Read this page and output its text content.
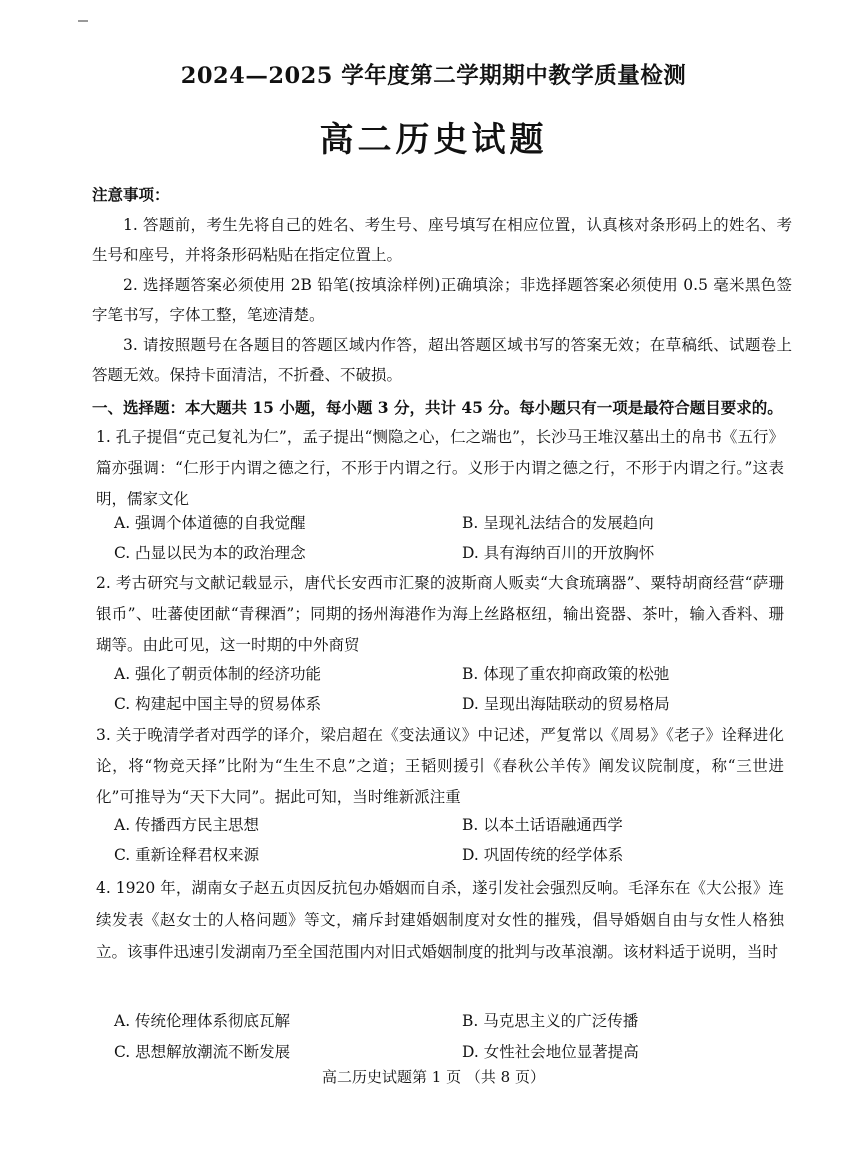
2024—2025 学年度第二学期期中教学质量检测
高二历史试题
注意事项：

1. 答题前，考生先将自己的姓名、考生号、座号填写在相应位置，认真核对条形码上的姓名、考生号和座号，并将条形码粘贴在指定位置上。

2. 选择题答案必须使用 2B 铅笔(按填涂样例)正确填涂；非选择题答案必须使用 0.5 毫米黑色签字笔书写，字体工整，笔迹清楚。

3. 请按照题号在各题目的答题区域内作答，超出答题区域书写的答案无效；在草稿纸、试题卷上答题无效。保持卡面清洁，不折叠、不破损。

一、选择题：本大题共 15 小题，每小题 3 分，共计 45 分。每小题只有一项是最符合题目要求的。

1. 孔子提倡“克己复礼为仁”，孟子提出“恻隐之心，仁之端也”，长沙马王堆汉墓出土的帛书《五行》篇亦强调：“仁形于内谓之德之行，不形于内谓之行。义形于内谓之德之行，不形于内谓之行。”这表明，儒家文化

A. 强调个体道德的自我觉醒	B. 呈现礼法结合的发展趋向
C. 凸显以民为本的政治理念	D. 具有海纳百川的开放胸怀

2. 考古研究与文献记载显示，唐代长安西市汇聚的波斯商人贩卖“大食琉璃器”、粟特胡商经营“萨珊银币”、吐蕃使团献“青稞酒”；同期的扬州海港作为海上丝路枢纽，输出瓷器、茶叶，输入香料、珊瑚等。由此可见，这一时期的中外商贸

A. 强化了朝贡体制的经济功能	B. 体现了重农抑商政策的松弛
C. 构建起中国主导的贸易体系	D. 呈现出海陆联动的贸易格局

3. 关于晚清学者对西学的译介，梁启超在《变法通议》中记述，严复常以《周易》《老子》诠释进化论，将“物竞天择”比附为“生生不息”之道；王韬则援引《春秋公羊传》阐发议院制度，称“三世进化”可推导为“天下大同”。据此可知，当时维新派注重

A. 传播西方民主思想	B. 以本土话语融通西学
C. 重新诠释君权来源	D. 巩固传统的经学体系

4. 1920 年，湖南女子赵五贞因反抗包办婚姻而自杀，遂引发社会强烈反响。毛泽东在《大公报》连续发表《赵女士的人格问题》等文，痛斥封建婚姻制度对女性的摧残，倡导婚姻自由与女性人格独立。该事件迅速引发湖南乃至全国范围内对旧式婚姻制度的批判与改革浪潮。该材料适于说明，当时

A. 传统伦理体系彻底瓦解	B. 马克思主义的广泛传播
C. 思想解放潮流不断发展	D. 女性社会地位显著提高
高二历史试题第 1 页 （共 8 页）
